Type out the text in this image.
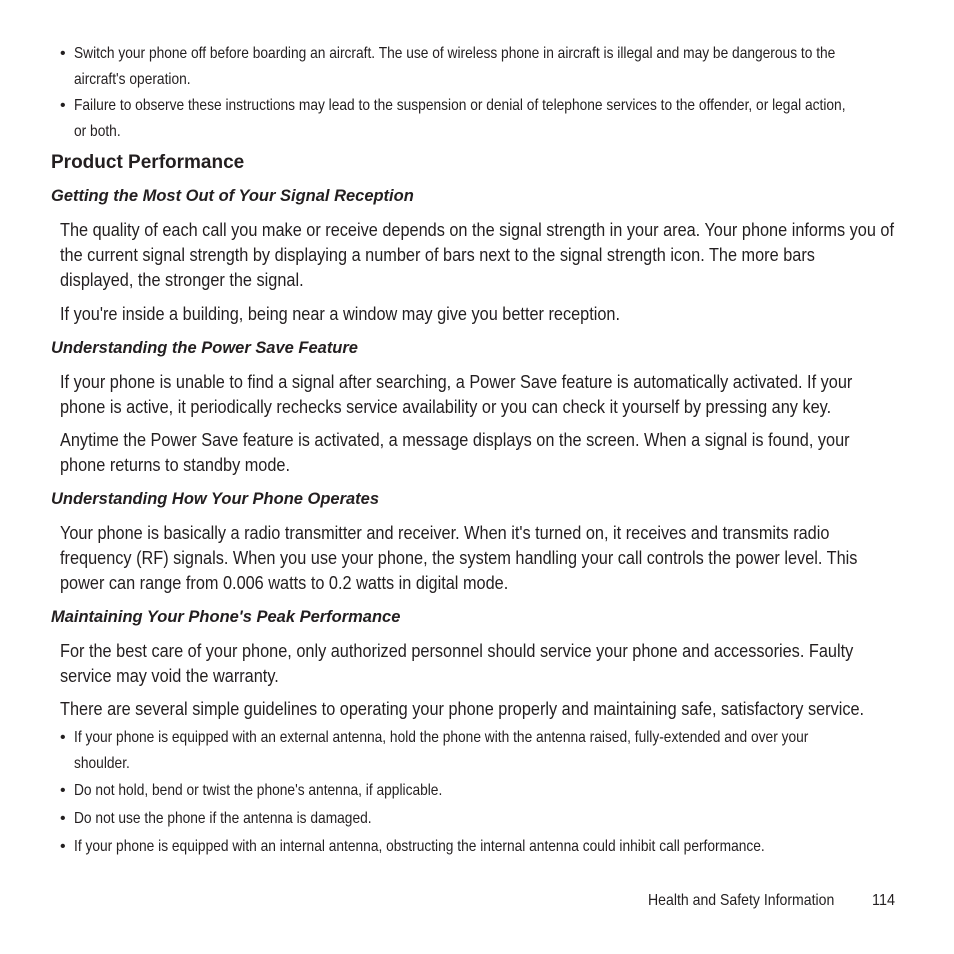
• Switch your phone off before boarding an aircraft. The use of wireless phone in aircraft is illegal and may be dangerous to the
aircraft's operation.
• Failure to observe these instructions may lead to the suspension or denial of telephone services to the offender, or legal action,
or both.
Product Performance
Getting the Most Out of Your Signal Reception
The quality of each call you make or receive depends on the signal strength in your area. Your phone informs you of
the current signal strength by displaying a number of bars next to the signal strength icon. The more bars
displayed, the stronger the signal.
If you're inside a building, being near a window may give you better reception.
Understanding the Power Save Feature
If your phone is unable to find a signal after searching, a Power Save feature is automatically activated. If your
phone is active, it periodically rechecks service availability or you can check it yourself by pressing any key.
Anytime the Power Save feature is activated, a message displays on the screen. When a signal is found, your
phone returns to standby mode.
Understanding How Your Phone Operates
Your phone is basically a radio transmitter and receiver. When it's turned on, it receives and transmits radio
frequency (RF) signals. When you use your phone, the system handling your call controls the power level. This
power can range from 0.006 watts to 0.2 watts in digital mode.
Maintaining Your Phone's Peak Performance
For the best care of your phone, only authorized personnel should service your phone and accessories. Faulty
service may void the warranty.
There are several simple guidelines to operating your phone properly and maintaining safe, satisfactory service.
• If your phone is equipped with an external antenna, hold the phone with the antenna raised, fully-extended and over your
shoulder.
• Do not hold, bend or twist the phone's antenna, if applicable.
• Do not use the phone if the antenna is damaged.
• If your phone is equipped with an internal antenna, obstructing the internal antenna could inhibit call performance.
Health and Safety Information 114
